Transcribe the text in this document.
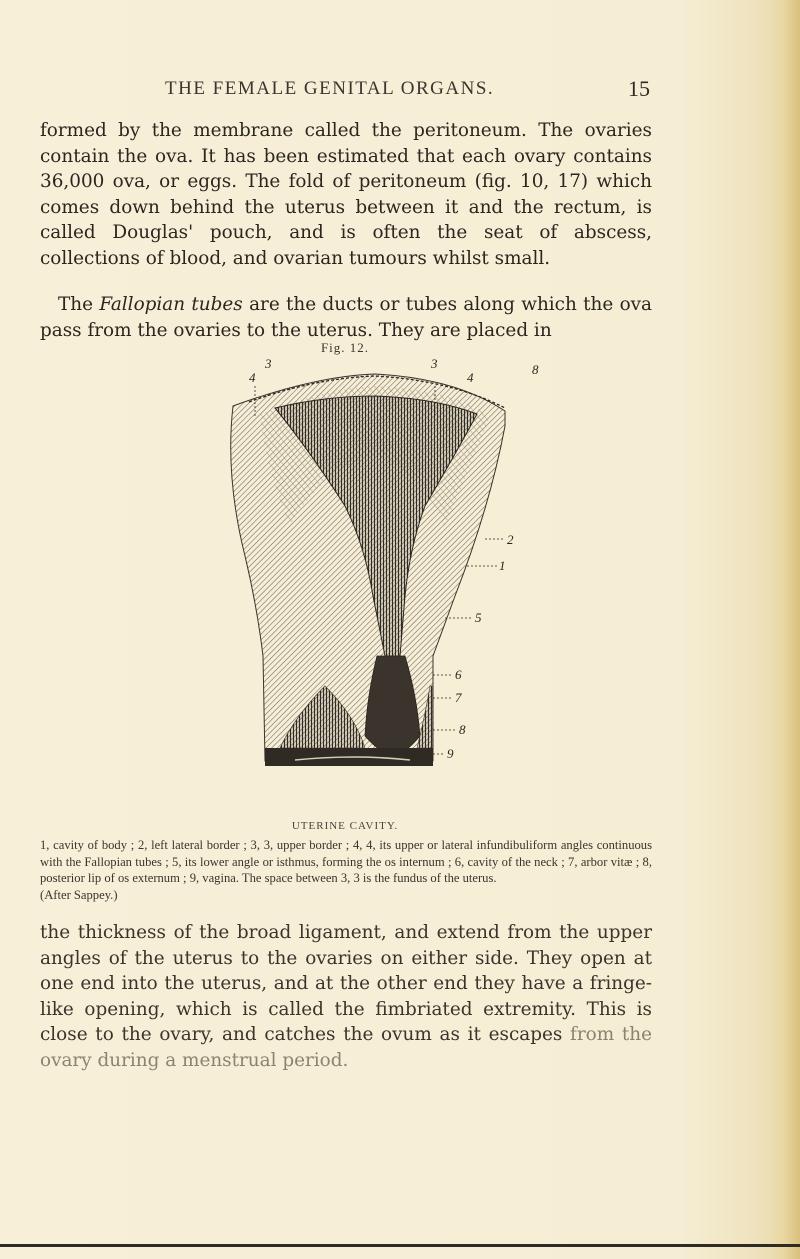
THE FEMALE GENITAL ORGANS.	15

formed by the membrane called the peritoneum. The ovaries contain the ova. It has been estimated that each ovary contains 36,000 ova, or eggs. The fold of peritoneum (fig. 10, 17) which comes down behind the uterus between it and the rectum, is called Douglas' pouch, and is often the seat of abscess, collections of blood, and ovarian tumours whilst small.

The Fallopian tubes are the ducts or tubes along which the ova pass from the ovaries to the uterus. They are placed in

Fig. 12.
3	3
4	4
8
2
1
5
6
7
8
9
UTERINE CAVITY.

1, cavity of body ; 2, left lateral border ; 3, 3, upper border ; 4, 4, its upper or lateral infundibuliform angles continuous with the Fallopian tubes ; 5, its lower angle or isthmus, forming the os internum ; 6, cavity of the neck ; 7, arbor vitæ ; 8, posterior lip of os externum ; 9, vagina. The space between 3, 3 is the fundus of the uterus.
(After Sappey.)

the thickness of the broad ligament, and extend from the upper angles of the uterus to the ovaries on either side. They open at one end into the uterus, and at the other end they have a fringe-like opening, which is called the fimbriated extremity. This is close to the ovary, and catches the ovum as it escapes from the ovary during a menstrual period.
